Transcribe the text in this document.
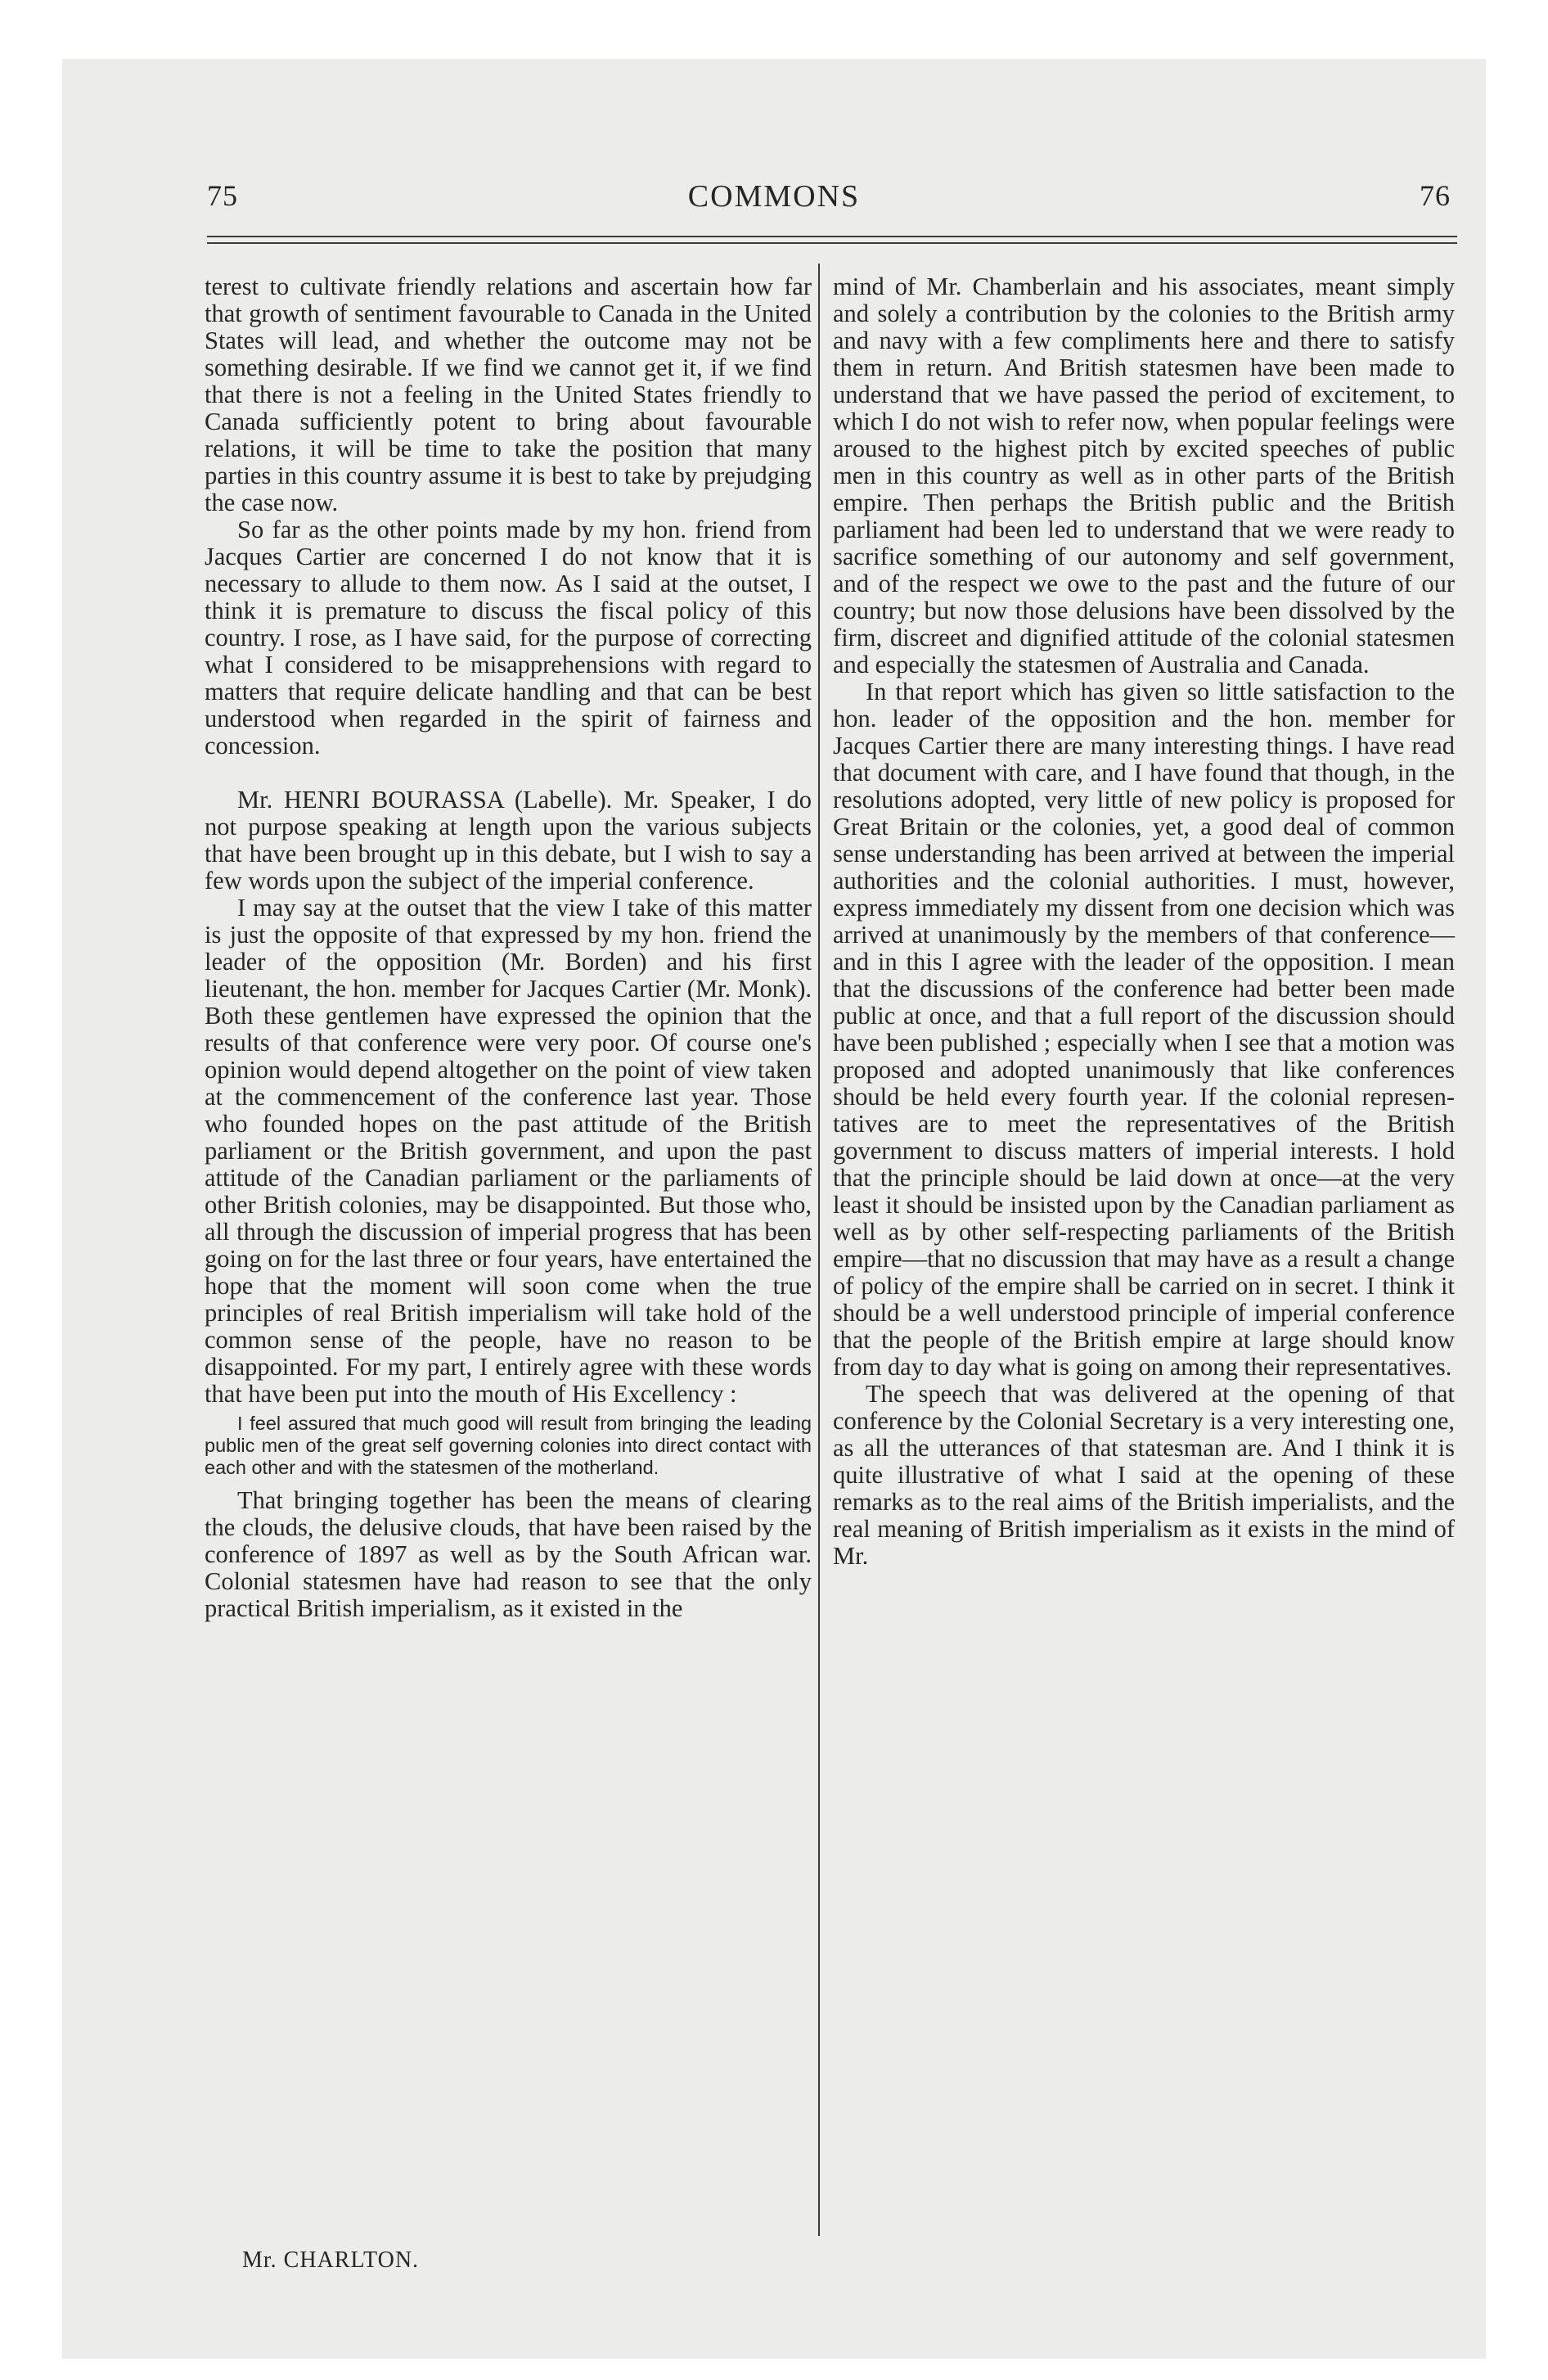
75	COMMONS	76

terest to cultivate friendly relations and ascertain how far that growth of sentiment favourable to Canada in the United States will lead, and whether the outcome may not be something desirable. If we find we cannot get it, if we find that there is not a feeling in the United States friendly to Canada sufficiently potent to bring about favourable relations, it will be time to take the position that many parties in this country assume it is best to take by prejudging the case now.

So far as the other points made by my hon. friend from Jacques Cartier are concerned I do not know that it is necessary to allude to them now. As I said at the outset, I think it is premature to discuss the fiscal policy of this country. I rose, as I have said, for the purpose of correcting what I considered to be misapprehensions with regard to matters that require delicate handling and that can be best understood when regarded in the spirit of fairness and concession.

Mr. HENRI BOURASSA (Labelle). Mr. Speaker, I do not purpose speaking at length upon the various subjects that have been brought up in this debate, but I wish to say a few words upon the subject of the imperial conference.

I may say at the outset that the view I take of this matter is just the opposite of that expressed by my hon. friend the leader of the opposition (Mr. Borden) and his first lieutenant, the hon. member for Jacques Cartier (Mr. Monk). Both these gentlemen have expressed the opinion that the results of that conference were very poor. Of course one's opinion would depend altogether on the point of view taken at the commencement of the conference last year. Those who founded hopes on the past attitude of the British parliament or the British government, and upon the past attitude of the Canadian parliament or the parliaments of other British colonies, may be disappointed. But those who, all through the discussion of imperial progress that has been going on for the last three or four years, have entertained the hope that the moment will soon come when the true principles of real British imperialism will take hold of the common sense of the people, have no reason to be disappointed. For my part, I entirely agree with these words that have been put into the mouth of His Excellency :

I feel assured that much good will result from bringing the leading public men of the great self governing colonies into direct contact with each other and with the statesmen of the motherland.

That bringing together has been the means of clearing the clouds, the delusive clouds, that have been raised by the conference of 1897 as well as by the South African war. Colonial statesmen have had reason to see that the only practical British imperialism, as it existed in the

mind of Mr. Chamberlain and his associates, meant simply and solely a contribution by the colonies to the British army and navy with a few compliments here and there to satisfy them in return. And British statesmen have been made to understand that we have passed the period of excitement, to which I do not wish to refer now, when popular feelings were aroused to the highest pitch by excited speeches of public men in this country as well as in other parts of the British empire. Then perhaps the British public and the British parliament had been led to understand that we were ready to sacrifice something of our autonomy and self government, and of the respect we owe to the past and the future of our country; but now those delusions have been dissolved by the firm, discreet and dignified attitude of the colonial statesmen and especially the statesmen of Australia and Canada.

In that report which has given so little satisfaction to the hon. leader of the opposition and the hon. member for Jacques Cartier there are many interesting things. I have read that document with care, and I have found that though, in the resolutions adopted, very little of new policy is proposed for Great Britain or the colonies, yet, a good deal of common sense understanding has been arrived at between the imperial authorities and the colonial authorities. I must, however, express immediately my dissent from one decision which was arrived at unanimously by the members of that conference—and in this I agree with the leader of the opposition. I mean that the discussions of the conference had better been made public at once, and that a full report of the discussion should have been published ; especially when I see that a motion was proposed and adopted unanimously that like conferences should be held every fourth year. If the colonial representatives are to meet the representatives of the British government to discuss matters of imperial interests. I hold that the principle should be laid down at once—at the very least it should be insisted upon by the Canadian parliament as well as by other self-respecting parliaments of the British empire—that no discussion that may have as a result a change of policy of the empire shall be carried on in secret. I think it should be a well understood principle of imperial conference that the people of the British empire at large should know from day to day what is going on among their representatives.

The speech that was delivered at the opening of that conference by the Colonial Secretary is a very interesting one, as all the utterances of that statesman are. And I think it is quite illustrative of what I said at the opening of these remarks as to the real aims of the British imperialists, and the real meaning of British imperialism as it exists in the mind of Mr.

Mr. CHARLTON.
